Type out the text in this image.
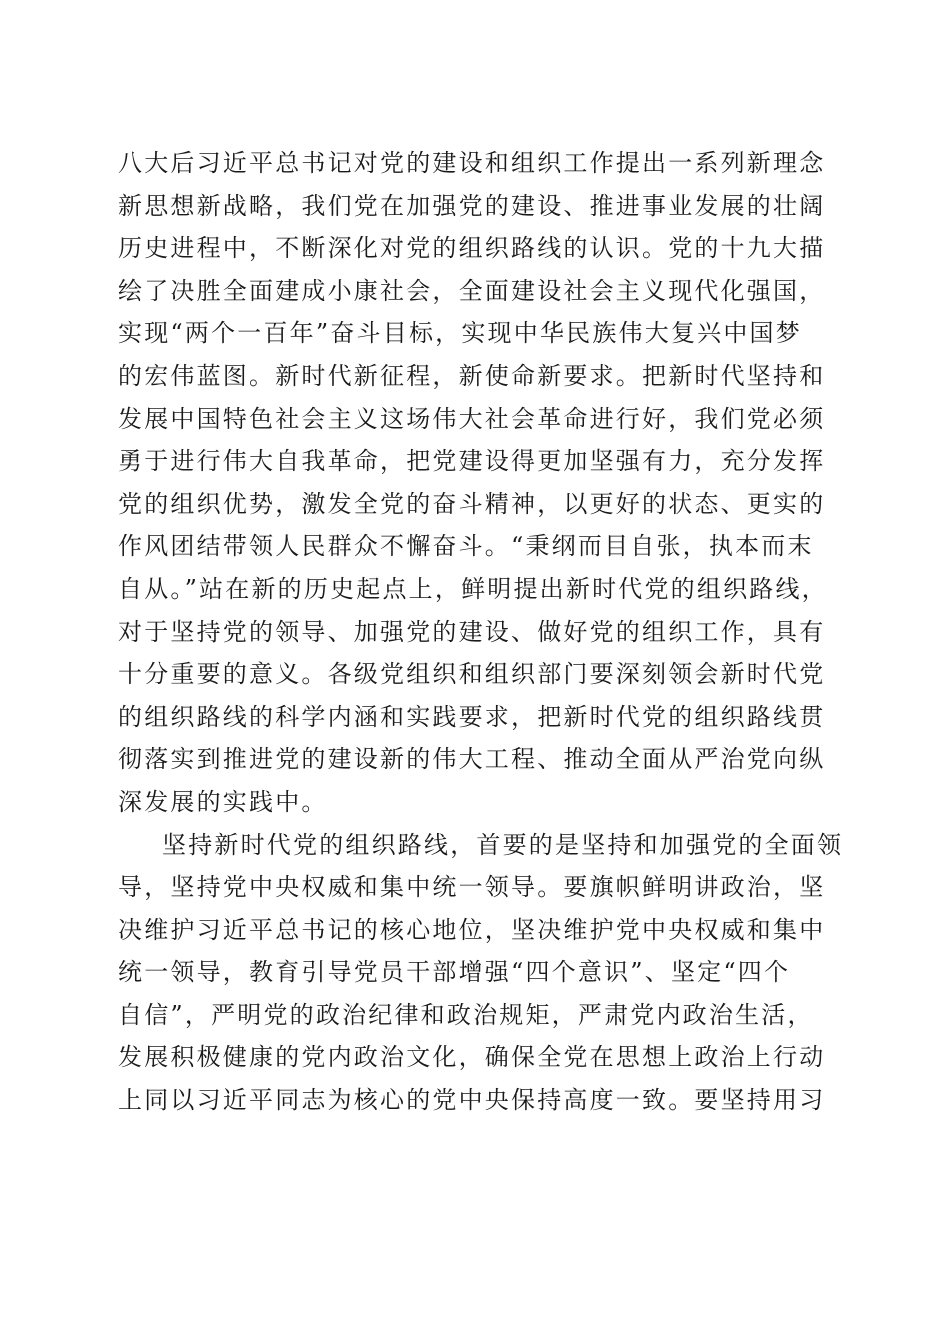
八大后习近平总书记对党的建设和组织工作提出一系列新理念
新思想新战略，我们党在加强党的建设、推进事业发展的壮阔
历史进程中，不断深化对党的组织路线的认识。党的十九大描
绘了决胜全面建成小康社会，全面建设社会主义现代化强国，
实现“两个一百年”奋斗目标，实现中华民族伟大复兴中国梦
的宏伟蓝图。新时代新征程，新使命新要求。把新时代坚持和
发展中国特色社会主义这场伟大社会革命进行好，我们党必须
勇于进行伟大自我革命，把党建设得更加坚强有力，充分发挥
党的组织优势，激发全党的奋斗精神，以更好的状态、更实的
作风团结带领人民群众不懈奋斗。“秉纲而目自张，执本而末
自从。”站在新的历史起点上，鲜明提出新时代党的组织路线，
对于坚持党的领导、加强党的建设、做好党的组织工作，具有
十分重要的意义。各级党组织和组织部门要深刻领会新时代党
的组织路线的科学内涵和实践要求，把新时代党的组织路线贯
彻落实到推进党的建设新的伟大工程、推动全面从严治党向纵
深发展的实践中。
坚持新时代党的组织路线，首要的是坚持和加强党的全面领
导，坚持党中央权威和集中统一领导。要旗帜鲜明讲政治，坚
决维护习近平总书记的核心地位，坚决维护党中央权威和集中
统一领导，教育引导党员干部增强“四个意识”、坚定“四个
自信”，严明党的政治纪律和政治规矩，严肃党内政治生活，
发展积极健康的党内政治文化，确保全党在思想上政治上行动
上同以习近平同志为核心的党中央保持高度一致。要坚持用习
